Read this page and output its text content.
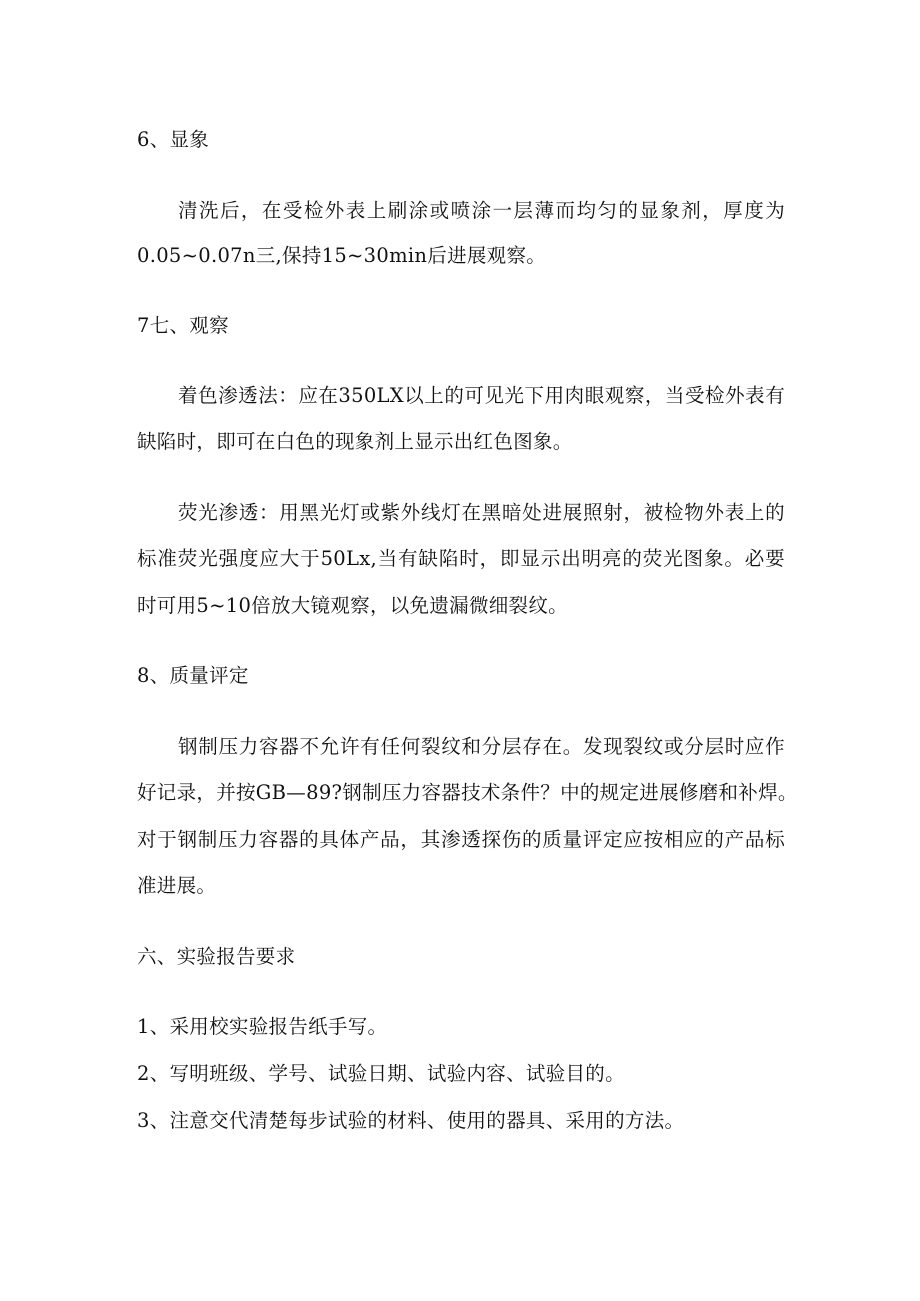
6、显象
清洗后，在受检外表上刷涂或喷涂一层薄而均匀的显象剂，厚度为
0.05~0.07n三,保持15~30min后进展观察。
7七、观察
着色渗透法：应在350LX以上的可见光下用肉眼观察，当受检外表有
缺陷时，即可在白色的现象剂上显示出红色图象。
荧光渗透：用黑光灯或紫外线灯在黑暗处进展照射，被检物外表上的
标准荧光强度应大于50Lx,当有缺陷时，即显示出明亮的荧光图象。必要
时可用5~10倍放大镜观察，以免遗漏微细裂纹。
8、质量评定
钢制压力容器不允许有任何裂纹和分层存在。发现裂纹或分层时应作
好记录，并按GB—89?钢制压力容器技术条件？中的规定进展修磨和补焊。
对于钢制压力容器的具体产品，其渗透探伤的质量评定应按相应的产品标
准进展。
六、实验报告要求
1、采用校实验报告纸手写。
2、写明班级、学号、试验日期、试验内容、试验目的。
3、注意交代清楚每步试验的材料、使用的器具、采用的方法。
